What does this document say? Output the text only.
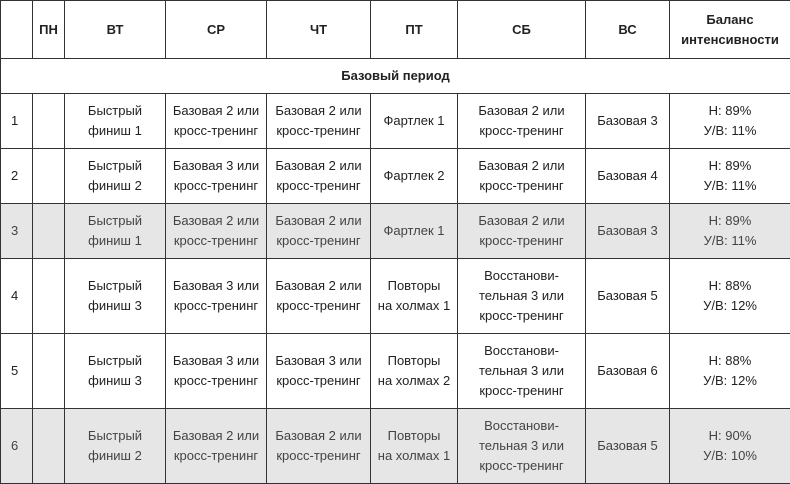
	ПН	ВТ	СР	ЧТ	ПТ	СБ	ВС	Баланс
интенсивности

Базовый период								
1		Быстрый
финиш 1	Базовая 2 или
кросс-тренинг	Базовая 2 или
кросс-тренинг	Фартлек 1	Базовая 2 или
кросс-тренинг	Базовая 3	Н: 89%
У/В: 11%

2		Быстрый
финиш 2	Базовая 3 или
кросс-тренинг	Базовая 2 или
кросс-тренинг	Фартлек 2	Базовая 2 или
кросс-тренинг	Базовая 4	Н: 89%
У/В: 11%

3		Быстрый
финиш 1	Базовая 2 или
кросс-тренинг	Базовая 2 или
кросс-тренинг	Фартлек 1	Базовая 2 или
кросс-тренинг	Базовая 3	Н: 89%
У/В: 11%

4		Быстрый
финиш 3	Базовая 3 или
кросс-тренинг	Базовая 2 или
кросс-тренинг	Повторы
на холмах 1	Восстанови-
тельная 3 или
кросс-тренинг	Базовая 5	Н: 88%
У/В: 12%

5		Быстрый
финиш 3	Базовая 3 или
кросс-тренинг	Базовая 3 или
кросс-тренинг	Повторы
на холмах 2	Восстанови-
тельная 3 или
кросс-тренинг	Базовая 6	Н: 88%
У/В: 12%

6		Быстрый
финиш 2	Базовая 2 или
кросс-тренинг	Базовая 2 или
кросс-тренинг	Повторы
на холмах 1	Восстанови-
тельная 3 или
кросс-тренинг	Базовая 5	Н: 90%
У/В: 10%
